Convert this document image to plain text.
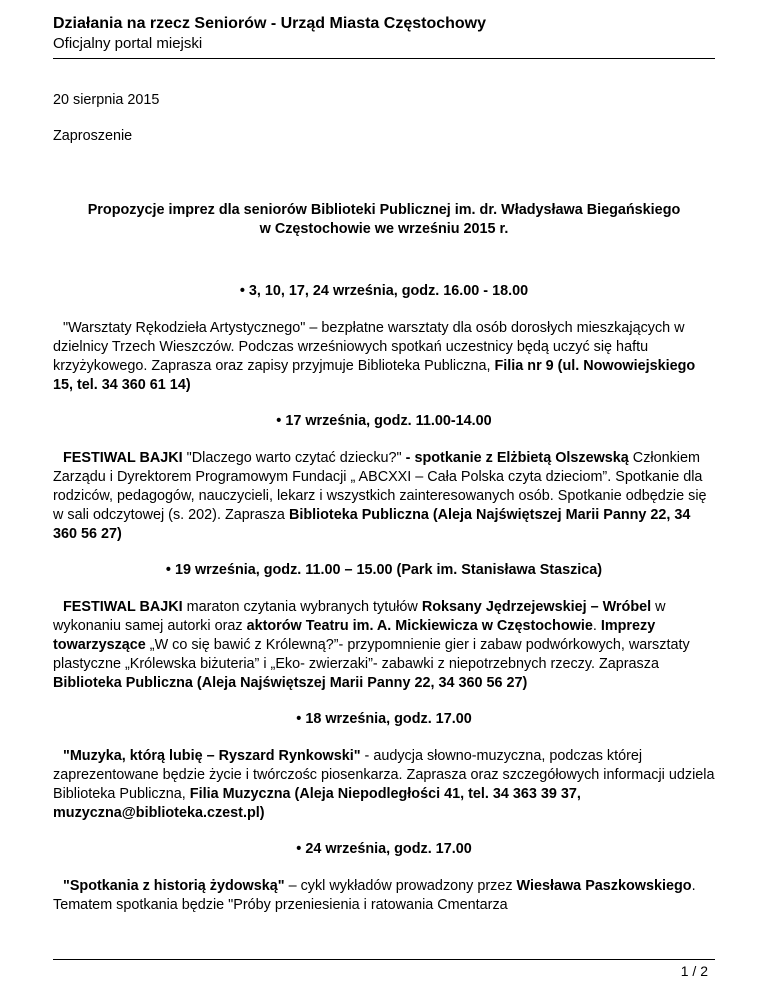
Działania na rzecz Seniorów - Urząd Miasta Częstochowy
Oficjalny portal miejski

20 sierpnia 2015

Zaproszenie

Propozycje imprez dla seniorów Biblioteki Publicznej im. dr. Władysława Biegańskiego
w Częstochowie we wrześniu 2015 r.

• 3, 10, 17, 24 września, godz. 16.00 - 18.00

"Warsztaty Rękodzieła Artystycznego" – bezpłatne warsztaty dla osób dorosłych mieszkających w dzielnicy Trzech Wieszczów. Podczas wrześniowych spotkań uczestnicy będą uczyć się haftu krzyżykowego. Zaprasza oraz zapisy przyjmuje Biblioteka Publiczna, Filia nr 9 (ul. Nowowiejskiego 15, tel. 34 360 61 14)

• 17 września, godz. 11.00-14.00

FESTIWAL BAJKI "Dlaczego warto czytać dziecku?" - spotkanie z Elżbietą Olszewską Członkiem Zarządu i Dyrektorem Programowym Fundacji „ ABCXXI – Cała Polska czyta dzieciom”. Spotkanie dla rodziców, pedagogów, nauczycieli, lekarz i wszystkich zainteresowanych osób. Spotkanie odbędzie się w sali odczytowej (s. 202). Zaprasza Biblioteka Publiczna (Aleja Najświętszej Marii Panny 22, 34 360 56 27)

• 19 września, godz. 11.00 – 15.00 (Park im. Stanisława Staszica)

FESTIWAL BAJKI maraton czytania wybranych tytułów Roksany Jędrzejewskiej – Wróbel w wykonaniu samej autorki oraz aktorów Teatru im. A. Mickiewicza w Częstochowie. Imprezy towarzyszące „W co się bawić z Królewną?”- przypomnienie gier i zabaw podwórkowych, warsztaty plastyczne „Królewska biżuteria” i „Eko- zwierzaki”- zabawki z niepotrzebnych rzeczy. Zaprasza Biblioteka Publiczna (Aleja Najświętszej Marii Panny 22, 34 360 56 27)

• 18 września, godz. 17.00

"Muzyka, którą lubię – Ryszard Rynkowski" - audycja słowno-muzyczna, podczas której zaprezentowane będzie życie i twórczośc piosenkarza. Zaprasza oraz szczegółowych informacji udziela Biblioteka Publiczna, Filia Muzyczna (Aleja Niepodległości 41, tel. 34 363 39 37, muzyczna@biblioteka.czest.pl)

• 24 września, godz. 17.00

"Spotkania z historią żydowską" – cykl wykładów prowadzony przez Wiesława Paszkowskiego. Tematem spotkania będzie "Próby przeniesienia i ratowania Cmentarza

1 / 2
